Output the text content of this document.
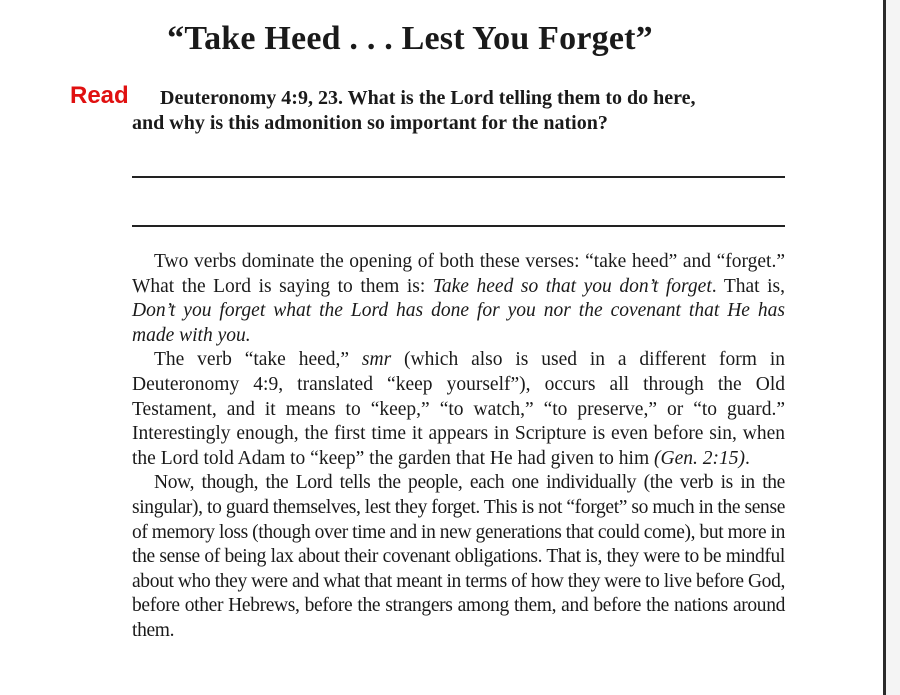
“Take Heed . . . Lest You Forget”
Read Deuteronomy 4:9, 23. What is the Lord telling them to do here,
and why is this admonition so important for the nation?

Two verbs dominate the opening of both these verses: “take heed” and “forget.” What the Lord is saying to them is: Take heed so that you don’t forget. That is, Don’t you forget what the Lord has done for you nor the covenant that He has made with you.

The verb “take heed,” smr (which also is used in a different form in Deuteronomy 4:9, translated “keep yourself”), occurs all through the Old Testament, and it means to “keep,” “to watch,” “to preserve,” or “to guard.” Interestingly enough, the first time it appears in Scripture is even before sin, when the Lord told Adam to “keep” the garden that He had given to him (Gen. 2:15).

Now, though, the Lord tells the people, each one individually (the verb is in the singular), to guard themselves, lest they forget. This is not “forget” so much in the sense of memory loss (though over time and in new generations that could come), but more in the sense of being lax about their covenant obligations. That is, they were to be mindful about who they were and what that meant in terms of how they were to live before God, before other Hebrews, before the strangers among them, and before the nations around them.
